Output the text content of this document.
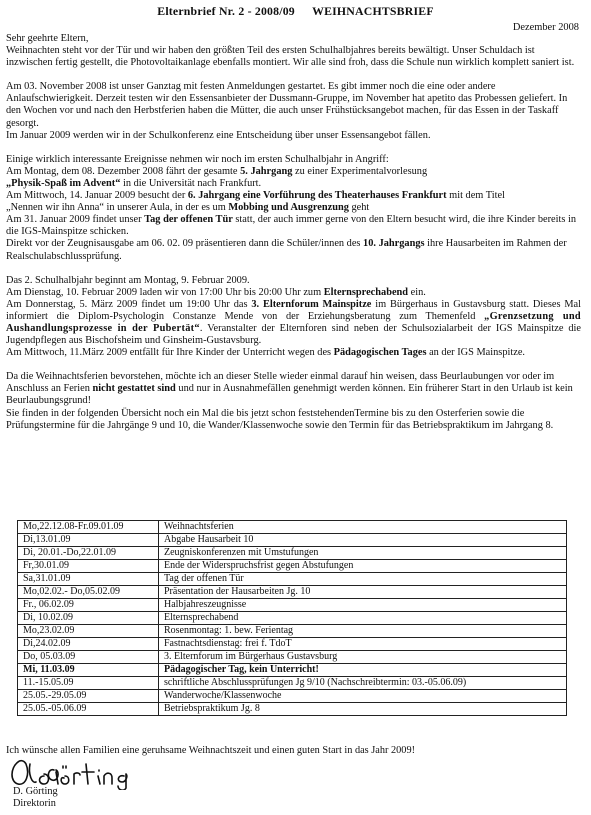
Elternbrief Nr. 2 - 2008/09 WEIHNACHTSBRIEF
Dezember 2008

Sehr geehrte Eltern,

Weihnachten steht vor der Tür und wir haben den größten Teil des ersten Schulhalbjahres bereits bewältigt. Unser Schuldach ist inzwischen fertig gestellt, die Photovoltaikanlage ebenfalls montiert. Wir alle sind froh, dass die Schule nun wirklich komplett saniert ist.

Am 03. November 2008 ist unser Ganztag mit festen Anmeldungen gestartet. Es gibt immer noch die eine oder andere Anlaufschwierigkeit. Derzeit testen wir den Essensanbieter der Dussmann-Gruppe, im November hat apetito das Probessen geliefert. In den Wochen vor und nach den Herbstferien haben die Mütter, die auch unser Frühstücksangebot machen, für das Essen in der Taskaff gesorgt.

Im Januar 2009 werden wir in der Schulkonferenz eine Entscheidung über unser Essensangebot fällen.

Einige wirklich interessante Ereignisse nehmen wir noch im ersten Schulhalbjahr in Angriff:

Am Montag, dem 08. Dezember 2008 fährt der gesamte 5. Jahrgang zu einer Experimentalvorlesung
„Physik-Spaß im Advent“ in die Universität nach Frankfurt.

Am Mittwoch, 14. Januar 2009 besucht der 6. Jahrgang eine Vorführung des Theaterhauses Frankfurt mit dem Titel
„Nennen wir ihn Anna“ in unserer Aula, in der es um Mobbing und Ausgrenzung geht

Am 31. Januar 2009 findet unser Tag der offenen Tür statt, der auch immer gerne von den Eltern besucht wird, die ihre Kinder bereits in die IGS-Mainspitze schicken.

Direkt vor der Zeugnisausgabe am 06. 02. 09 präsentieren dann die Schüler/innen des 10. Jahrgangs ihre Hausarbeiten im Rahmen der Realschulabschlussprüfung.

Das 2. Schulhalbjahr beginnt am Montag, 9. Februar 2009.

Am Dienstag, 10. Februar 2009 laden wir von 17:00 Uhr bis 20:00 Uhr zum Elternsprechabend ein.

Am Donnerstag, 5. März 2009 findet um 19:00 Uhr das 3. Elternforum Mainspitze im Bürgerhaus in Gustavsburg statt. Dieses Mal informiert die Diplom-Psychologin Constanze Mende von der Erziehungsberatung zum Themenfeld „Grenzsetzung und Aushandlungsprozesse in der Pubertät“. Veranstalter der Elternforen sind neben der Schulsozialarbeit der IGS Mainspitze die Jugendpflegen aus Bischofsheim und Ginsheim-Gustavsburg.

Am Mittwoch, 11.März 2009 entfällt für Ihre Kinder der Unterricht wegen des Pädagogischen Tages an der IGS Mainspitze.

Da die Weihnachtsferien bevorstehen, möchte ich an dieser Stelle wieder einmal darauf hin weisen, dass Beurlaubungen vor oder im Anschluss an Ferien nicht gestattet sind und nur in Ausnahmefällen genehmigt werden können. Ein früherer Start in den Urlaub ist kein Beurlaubungsgrund!

Sie finden in der folgenden Übersicht noch ein Mal die bis jetzt schon feststehendenTermine bis zu den Osterferien sowie die Prüfungstermine für die Jahrgänge 9 und 10, die Wander/Klassenwoche sowie den Termin für das Betriebspraktikum im Jahrgang 8.

Mo,22.12.08-Fr.09.01.09	Weihnachtsferien
Di,13.01.09	Abgabe Hausarbeit 10
Di, 20.01.-Do,22.01.09	Zeugniskonferenzen mit Umstufungen
Fr,30.01.09	Ende der Widerspruchsfrist gegen Abstufungen
Sa,31.01.09	Tag der offenen Tür
Mo,02.02.- Do,05.02.09	Präsentation der Hausarbeiten Jg. 10
Fr., 06.02.09	Halbjahreszeugnisse
Di, 10.02.09	Elternsprechabend
Mo,23.02.09	Rosenmontag: 1. bew. Ferientag
Di,24.02.09	Fastnachtsdienstag: frei f. TdoT
Do, 05.03.09	3. Elternforum im Bürgerhaus Gustavsburg
Mi, 11.03.09	Pädagogischer Tag, kein Unterricht!
11.-15.05.09	schriftliche Abschlussprüfungen Jg 9/10 (Nachschreibtermin: 03.-05.06.09)
25.05.-29.05.09	Wanderwoche/Klassenwoche
25.05.-05.06.09	Betriebspraktikum Jg. 8
Ich wünsche allen Familien eine geruhsame Weihnachtszeit und einen guten Start in das Jahr 2009!
D. Görting
Direktorin
